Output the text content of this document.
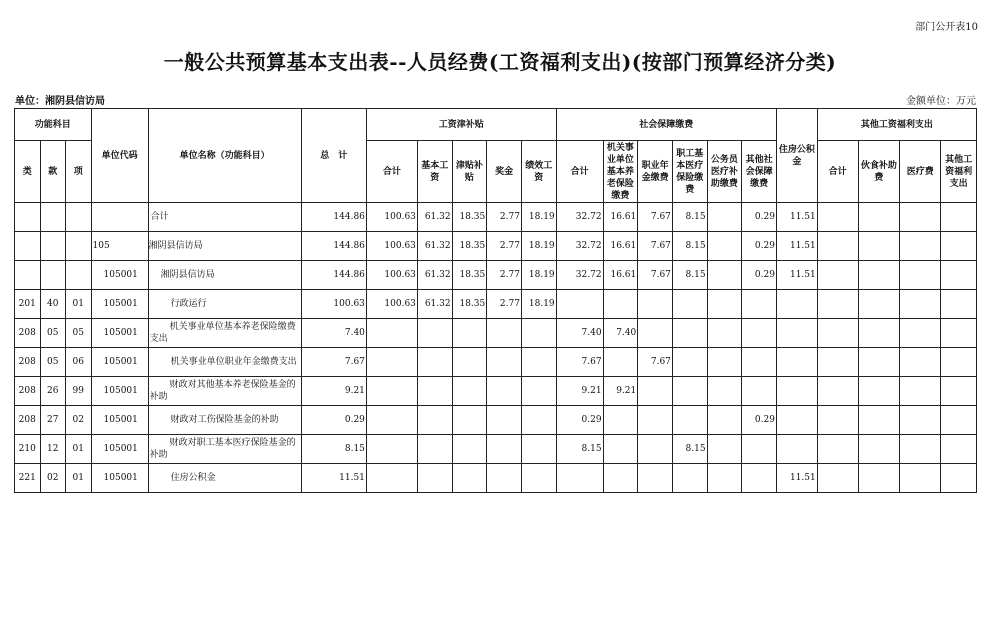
部门公开表10
一般公共预算基本支出表--人员经费(工资福利支出)(按部门预算经济分类)
单位：湘阴县信访局	金额单位：万元
功能科目			单位代码	单位名称（功能科目）	总　计	工资津补贴					社会保障缴费						住房公积金	其他工资福利支出			
类	款	项				合计	基本工资	津贴补贴	奖金	绩效工资	合计	机关事业单位基本养老保险缴费	职业年金缴费	职工基本医疗保险缴费	公务员医疗补助缴费	其他社会保障缴费		合计	伙食补助费	医疗费	其他工资福利支出
				合计	144.86	100.63	61.32	18.35	2.77	18.19	32.72	16.61	7.67	8.15		0.29	11.51				
			105	湘阴县信访局	144.86	100.63	61.32	18.35	2.77	18.19	32.72	16.61	7.67	8.15		0.29	11.51				
			105001	湘阴县信访局	144.86	100.63	61.32	18.35	2.77	18.19	32.72	16.61	7.67	8.15		0.29	11.51				
201	40	01	105001	行政运行	100.63	100.63	61.32	18.35	2.77	18.19											
208	05	05	105001	机关事业单位基本养老保险缴费支出	7.40						7.40	7.40									
208	05	06	105001	机关事业单位职业年金缴费支出	7.67						7.67		7.67								
208	26	99	105001	财政对其他基本养老保险基金的补助	9.21						9.21	9.21									
208	27	02	105001	财政对工伤保险基金的补助	0.29						0.29					0.29					
210	12	01	105001	财政对职工基本医疗保险基金的补助	8.15						8.15			8.15							
221	02	01	105001	住房公积金	11.51												11.51				
